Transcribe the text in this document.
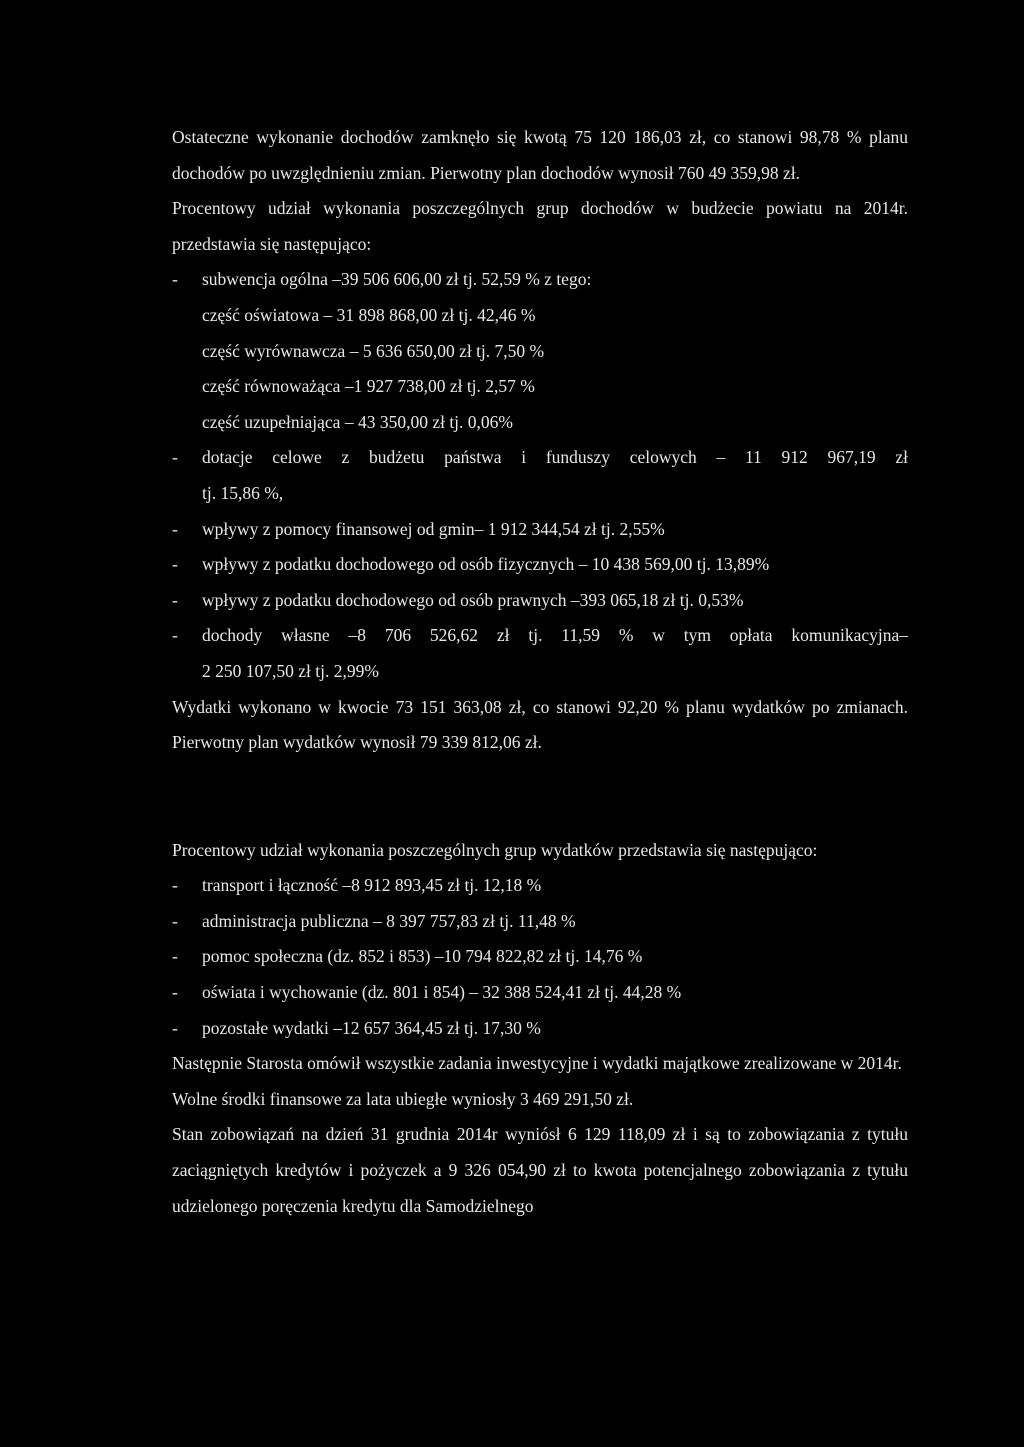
Ostateczne wykonanie dochodów zamknęło się kwotą 75 120 186,03 zł, co stanowi 98,78 % planu dochodów po uwzględnieniu zmian. Pierwotny plan dochodów wynosił 760 49 359,98 zł.

Procentowy udział wykonania poszczególnych grup dochodów w budżecie powiatu na 2014r. przedstawia się następująco:

- subwencja ogólna –39 506 606,00 zł tj. 52,59 % z tego:
część oświatowa – 31 898 868,00 zł tj. 42,46 %
część wyrównawcza – 5 636 650,00 zł tj. 7,50 %
część równoważąca –1 927 738,00 zł tj. 2,57 %
część uzupełniająca – 43 350,00 zł tj. 0,06%
- dotacje celowe z budżetu państwa i funduszy celowych – 11 912 967,19 zł
tj. 15,86 %,
- wpływy z pomocy finansowej od gmin– 1 912 344,54 zł tj. 2,55%
- wpływy z podatku dochodowego od osób fizycznych – 10 438 569,00 tj. 13,89%
- wpływy z podatku dochodowego od osób prawnych –393 065,18 zł tj. 0,53%
- dochody własne –8 706 526,62 zł tj. 11,59 % w tym opłata komunikacyjna–
2 250 107,50 zł tj. 2,99%

Wydatki wykonano w kwocie 73 151 363,08 zł, co stanowi 92,20 % planu wydatków po zmianach. Pierwotny plan wydatków wynosił 79 339 812,06 zł.

Procentowy udział wykonania poszczególnych grup wydatków przedstawia się następująco:

- transport i łączność –8 912 893,45 zł tj. 12,18 %
- administracja publiczna – 8 397 757,83 zł tj. 11,48 %
- pomoc społeczna (dz. 852 i 853) –10 794 822,82 zł tj. 14,76 %
- oświata i wychowanie (dz. 801 i 854) – 32 388 524,41 zł tj. 44,28 %
- pozostałe wydatki –12 657 364,45 zł tj. 17,30 %

Następnie Starosta omówił wszystkie zadania inwestycyjne i wydatki majątkowe zrealizowane w 2014r.

Wolne środki finansowe za lata ubiegłe wyniosły 3 469 291,50 zł.

Stan zobowiązań na dzień 31 grudnia 2014r wyniósł 6 129 118,09 zł i są to zobowiązania z tytułu zaciągniętych kredytów i pożyczek a 9 326 054,90 zł to kwota potencjalnego zobowiązania z tytułu udzielonego poręczenia kredytu dla Samodzielnego
